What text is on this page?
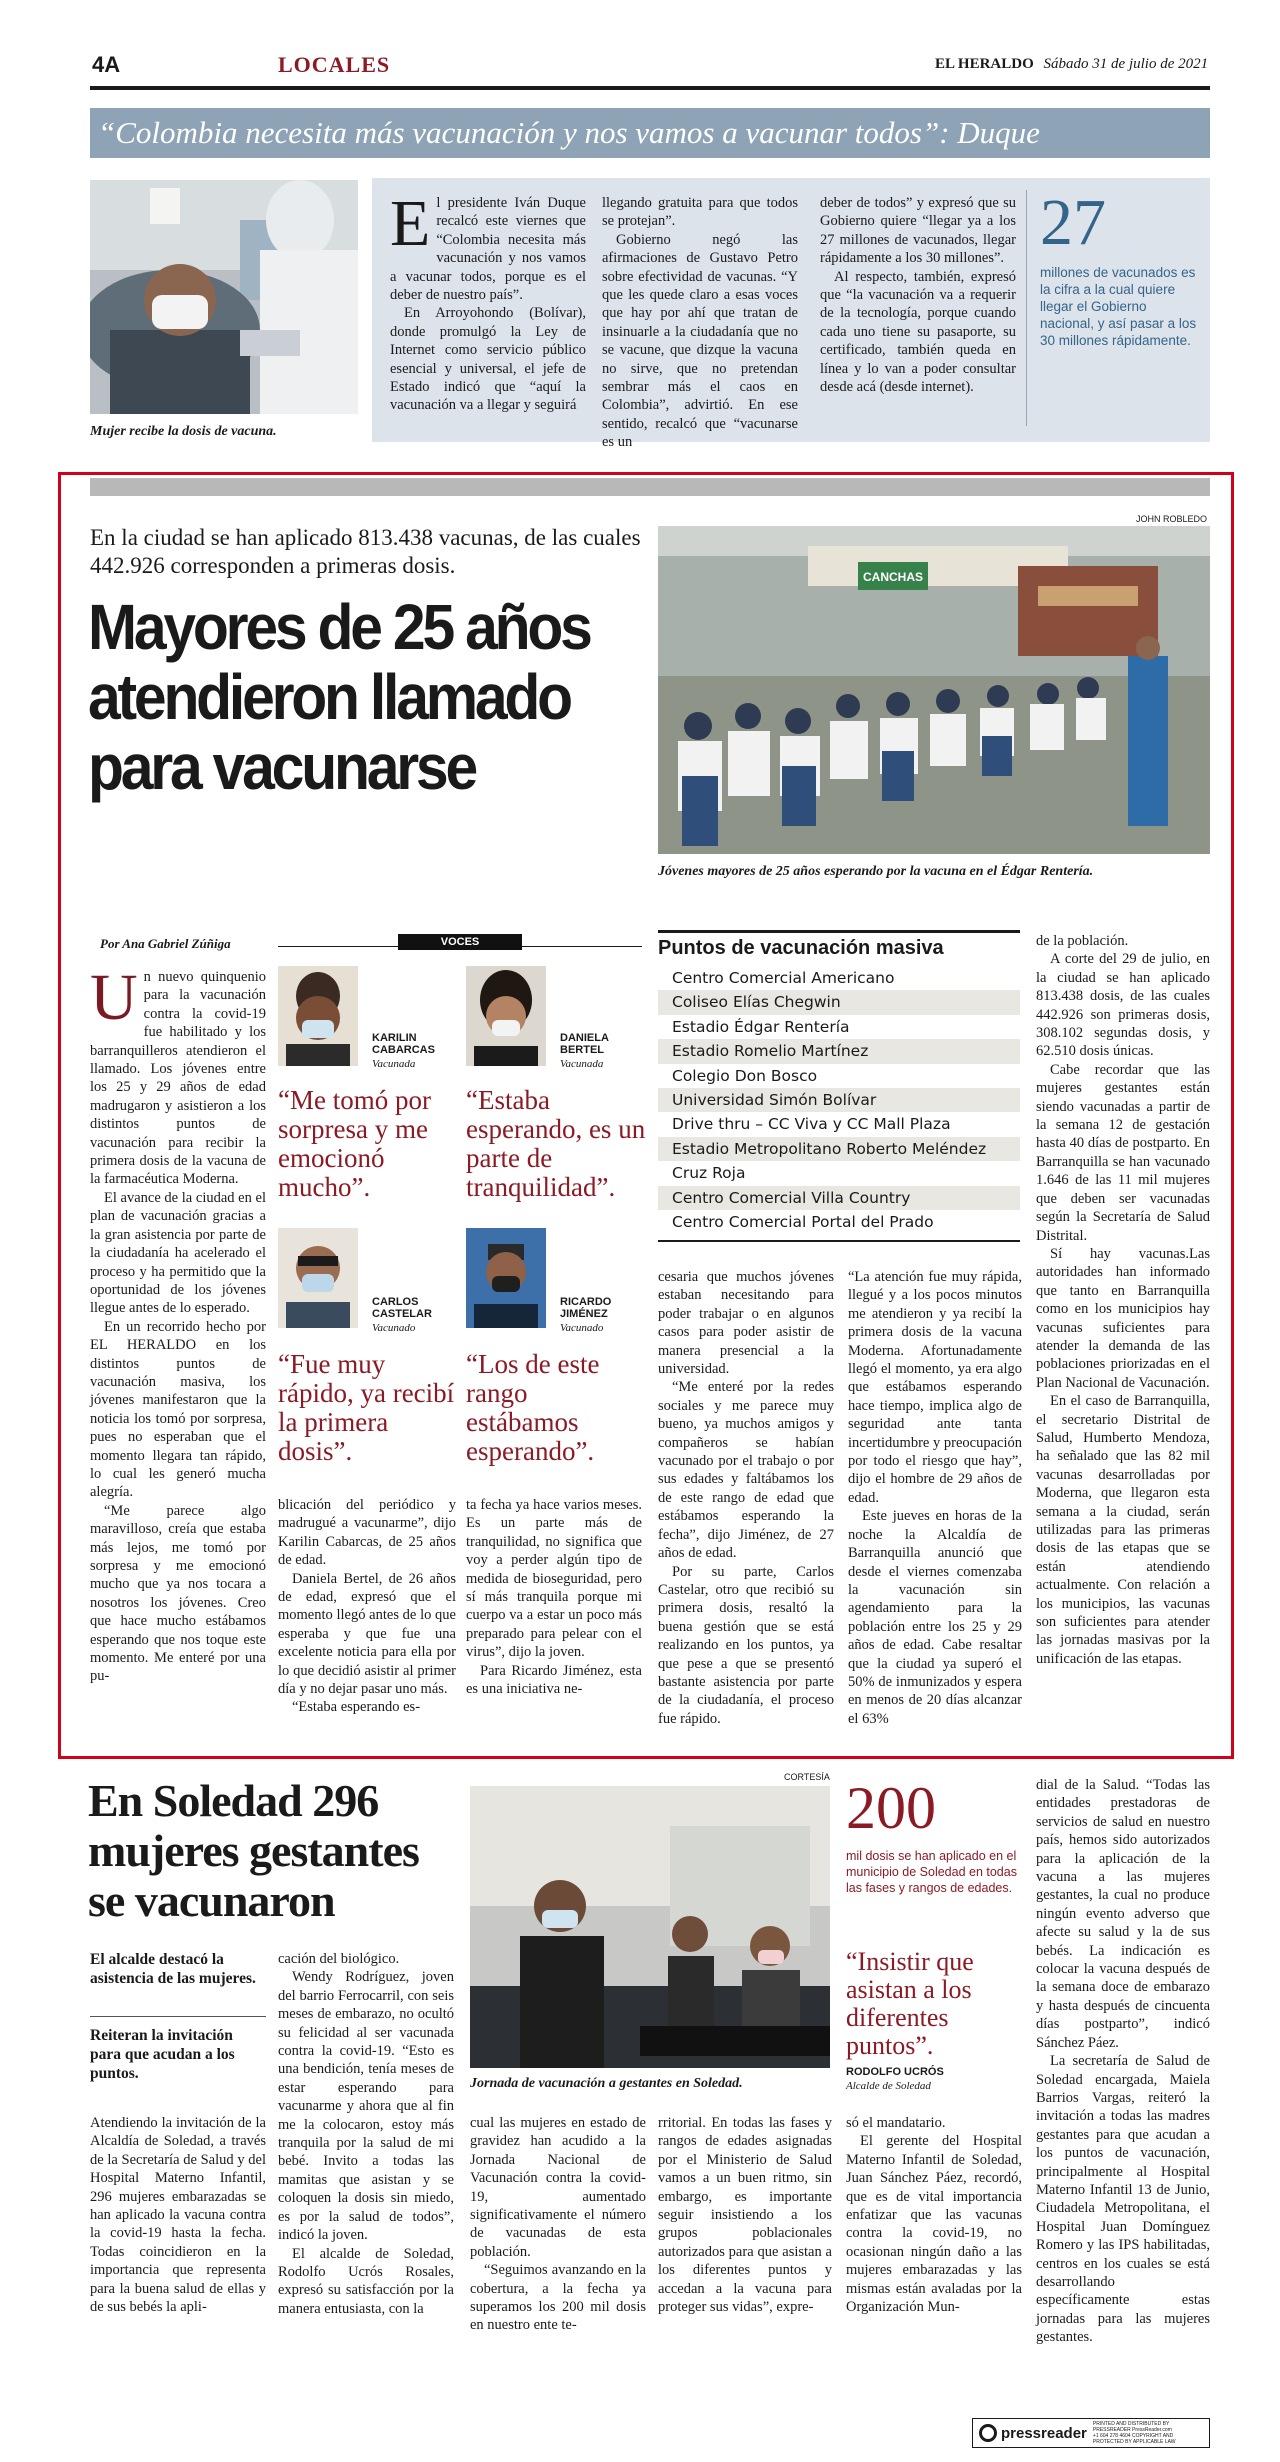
4A	LOCALES	EL HERALDO Sábado 31 de julio de 2021
“Colombia necesita más vacunación y nos vamos a vacunar todos”: Duque
Mujer recibe la dosis de vacuna.
E l presidente Iván Duque recalcó este viernes que “Colombia necesita más vacunación y nos vamos a vacunar todos, porque es el deber de nuestro país”.

En Arroyohondo (Bolívar), donde promulgó la Ley de Internet como servicio público esencial y universal, el jefe de Estado indicó que “aquí la vacunación va a llegar y seguirá

llegando gratuita para que todos se protejan”.

Gobierno negó las afirmaciones de Gustavo Petro sobre efectividad de vacunas. “Y que les quede claro a esas voces que hay por ahí que tratan de insinuarle a la ciudadanía que no se vacune, que dizque la vacuna no sirve, que no pretendan sembrar más el caos en Colombia”, advirtió. En ese sentido, recalcó que “vacunarse es un

deber de todos” y expresó que su Gobierno quiere “llegar ya a los 27 millones de vacunados, llegar rápidamente a los 30 millones”.

Al respecto, también, expresó que “la vacunación va a requerir de la tecnología, porque cuando cada uno tiene su pasaporte, su certificado, también queda en línea y lo van a poder consultar desde acá (desde internet).

27
millones de vacunados es la cifra a la cual quiere llegar el Gobierno nacional, y así pasar a los 30 millones rápidamente.
En la ciudad se han aplicado 813.438 vacunas, de las cuales 442.926 corresponden a primeras dosis.
Mayores de 25 años
atendieron llamado
para vacunarse
JOHN ROBLEDO
CANCHAS
Jóvenes mayores de 25 años esperando por la vacuna en el Édgar Rentería.
Por Ana Gabriel Zúñiga
U n nuevo quinquenio para la vacunación contra la covid-19 fue habilitado y los barranquilleros atendieron el llamado. Los jóvenes entre los 25 y 29 años de edad madrugaron y asistieron a los distintos puntos de vacunación para recibir la primera dosis de la vacuna de la farmacéutica Moderna.

El avance de la ciudad en el plan de vacunación gracias a la gran asistencia por parte de la ciudadanía ha acelerado el proceso y ha permitido que la oportunidad de los jóvenes llegue antes de lo esperado.

En un recorrido hecho por EL HERALDO en los distintos puntos de vacunación masiva, los jóvenes manifestaron que la noticia los tomó por sorpresa, pues no esperaban que el momento llegara tan rápido, lo cual les generó mucha alegría.

“Me parece algo maravilloso, creía que estaba más lejos, me tomó por sorpresa y me emocionó mucho que ya nos tocara a nosotros los jóvenes. Creo que hace mucho estábamos esperando que nos toque este momento. Me enteré por una pu-

VOCES
KARILIN CABARCAS
Vacunada
“Me tomó por sorpresa y me emocionó mucho”.
DANIELA BERTEL
Vacunada
“Estaba esperando, es un parte de tranquilidad”.
CARLOS CASTELAR
Vacunado
“Fue muy rápido, ya recibí la primera dosis”.
RICARDO JIMÉNEZ
Vacunado
“Los de este rango estábamos esperando”.

blicación del periódico y madrugué a vacunarme”, dijo Karilin Cabarcas, de 25 años de edad.

Daniela Bertel, de 26 años de edad, expresó que el momento llegó antes de lo que esperaba y que fue una excelente noticia para ella por lo que decidió asistir al primer día y no dejar pasar uno más.

“Estaba esperando es-

ta fecha ya hace varios meses. Es un parte más de tranquilidad, no significa que voy a perder algún tipo de medida de bioseguridad, pero sí más tranquila porque mi cuerpo va a estar un poco más preparado para pelear con el virus”, dijo la joven.

Para Ricardo Jiménez, esta es una iniciativa ne-

cesaria que muchos jóvenes estaban necesitando para poder trabajar o en algunos casos para poder asistir de manera presencial a la universidad.

“Me enteré por la redes sociales y me parece muy bueno, ya muchos amigos y compañeros se habían vacunado por el trabajo o por sus edades y faltábamos los de este rango de edad que estábamos esperando la fecha”, dijo Jiménez, de 27 años de edad.

Por su parte, Carlos Castelar, otro que recibió su primera dosis, resaltó la buena gestión que se está realizando en los puntos, ya que pese a que se presentó bastante asistencia por parte de la ciudadanía, el proceso fue rápido.

“La atención fue muy rápida, llegué y a los pocos minutos me atendieron y ya recibí la primera dosis de la vacuna Moderna. Afortunadamente llegó el momento, ya era algo que estábamos esperando hace tiempo, implica algo de seguridad ante tanta incertidumbre y preocupación por todo el riesgo que hay”, dijo el hombre de 29 años de edad.

Este jueves en horas de la noche la Alcaldía de Barranquilla anunció que desde el viernes comenzaba la vacunación sin agendamiento para la población entre los 25 y 29 años de edad. Cabe resaltar que la ciudad ya superó el 50% de inmunizados y espera en menos de 20 días alcanzar el 63%

Puntos de vacunación masiva
Centro Comercial Americano
Coliseo Elías Chegwin
Estadio Édgar Rentería
Estadio Romelio Martínez
Colegio Don Bosco
Universidad Simón Bolívar
Drive thru – CC Viva y CC Mall Plaza
Estadio Metropolitano Roberto Meléndez
Cruz Roja
Centro Comercial Villa Country
Centro Comercial Portal del Prado

de la población.

A corte del 29 de julio, en la ciudad se han aplicado 813.438 dosis, de las cuales 442.926 son primeras dosis, 308.102 segundas dosis, y 62.510 dosis únicas.

Cabe recordar que las mujeres gestantes están siendo vacunadas a partir de la semana 12 de gestación hasta 40 días de postparto. En Barranquilla se han vacunado 1.646 de las 11 mil mujeres que deben ser vacunadas según la Secretaría de Salud Distrital.

Sí hay vacunas.Las autoridades han informado que tanto en Barranquilla como en los municipios hay vacunas suficientes para atender la demanda de las poblaciones priorizadas en el Plan Nacional de Vacunación.

En el caso de Barranquilla, el secretario Distrital de Salud, Humberto Mendoza, ha señalado que las 82 mil vacunas desarrolladas por Moderna, que llegaron esta semana a la ciudad, serán utilizadas para las primeras dosis de las etapas que se están atendiendo actualmente. Con relación a los municipios, las vacunas son suficientes para atender las jornadas masivas por la unificación de las etapas.

En Soledad 296
mujeres gestantes
se vacunaron
El alcalde destacó la asistencia de las mujeres.
Reiteran la invitación para que acudan a los puntos.

Atendiendo la invitación de la Alcaldía de Soledad, a través de la Secretaría de Salud y del Hospital Materno Infantil, 296 mujeres embarazadas se han aplicado la vacuna contra la covid-19 hasta la fecha. Todas coincidieron en la importancia que representa para la buena salud de ellas y de sus bebés la apli-

cación del biológico.

Wendy Rodríguez, joven del barrio Ferrocarril, con seis meses de embarazo, no ocultó su felicidad al ser vacunada contra la covid-19. “Esto es una bendición, tenía meses de estar esperando para vacunarme y ahora que al fin me la colocaron, estoy más tranquila por la salud de mi bebé. Invito a todas las mamitas que asistan y se coloquen la dosis sin miedo, es por la salud de todos”, indicó la joven.

El alcalde de Soledad, Rodolfo Ucrós Rosales, expresó su satisfacción por la manera entusiasta, con la

CORTESÍA
Jornada de vacunación a gestantes en Soledad.
200
mil dosis se han aplicado en el municipio de Soledad en todas las fases y rangos de edades.
“Insistir que asistan a los diferentes puntos”.
RODOLFO UCRÓS
Alcalde de Soledad

cual las mujeres en estado de gravidez han acudido a la Jornada Nacional de Vacunación contra la covid-19, aumentado significativamente el número de vacunadas de esta población.

“Seguimos avanzando en la cobertura, a la fecha ya superamos los 200 mil dosis en nuestro ente te-

rritorial. En todas las fases y rangos de edades asignadas por el Ministerio de Salud vamos a un buen ritmo, sin embargo, es importante seguir insistiendo a los grupos poblacionales autorizados para que asistan a los diferentes puntos y accedan a la vacuna para proteger sus vidas”, expre-

só el mandatario.

El gerente del Hospital Materno Infantil de Soledad, Juan Sánchez Páez, recordó, que es de vital importancia enfatizar que las vacunas contra la covid-19, no ocasionan ningún daño a las mujeres embarazadas y las mismas están avaladas por la Organización Mun-

dial de la Salud. “Todas las entidades prestadoras de servicios de salud en nuestro país, hemos sido autorizados para la aplicación de la vacuna a las mujeres gestantes, la cual no produce ningún evento adverso que afecte su salud y la de sus bebés. La indicación es colocar la vacuna después de la semana doce de embarazo y hasta después de cincuenta días postparto”, indicó Sánchez Páez.

La secretaría de Salud de Soledad encargada, Maiela Barrios Vargas, reiteró la invitación a todas las madres gestantes para que acudan a los puntos de vacunación, principalmente al Hospital Materno Infantil 13 de Junio, Ciudadela Metropolitana, el Hospital Juan Domínguez Romero y las IPS habilitadas, centros en los cuales se está desarrollando específicamente estas jornadas para las mujeres gestantes.

pressreader
PRINTED AND DISTRIBUTED BY PRESSREADER PressReader.com +1 604 278 4604 COPYRIGHT AND PROTECTED BY APPLICABLE LAW
